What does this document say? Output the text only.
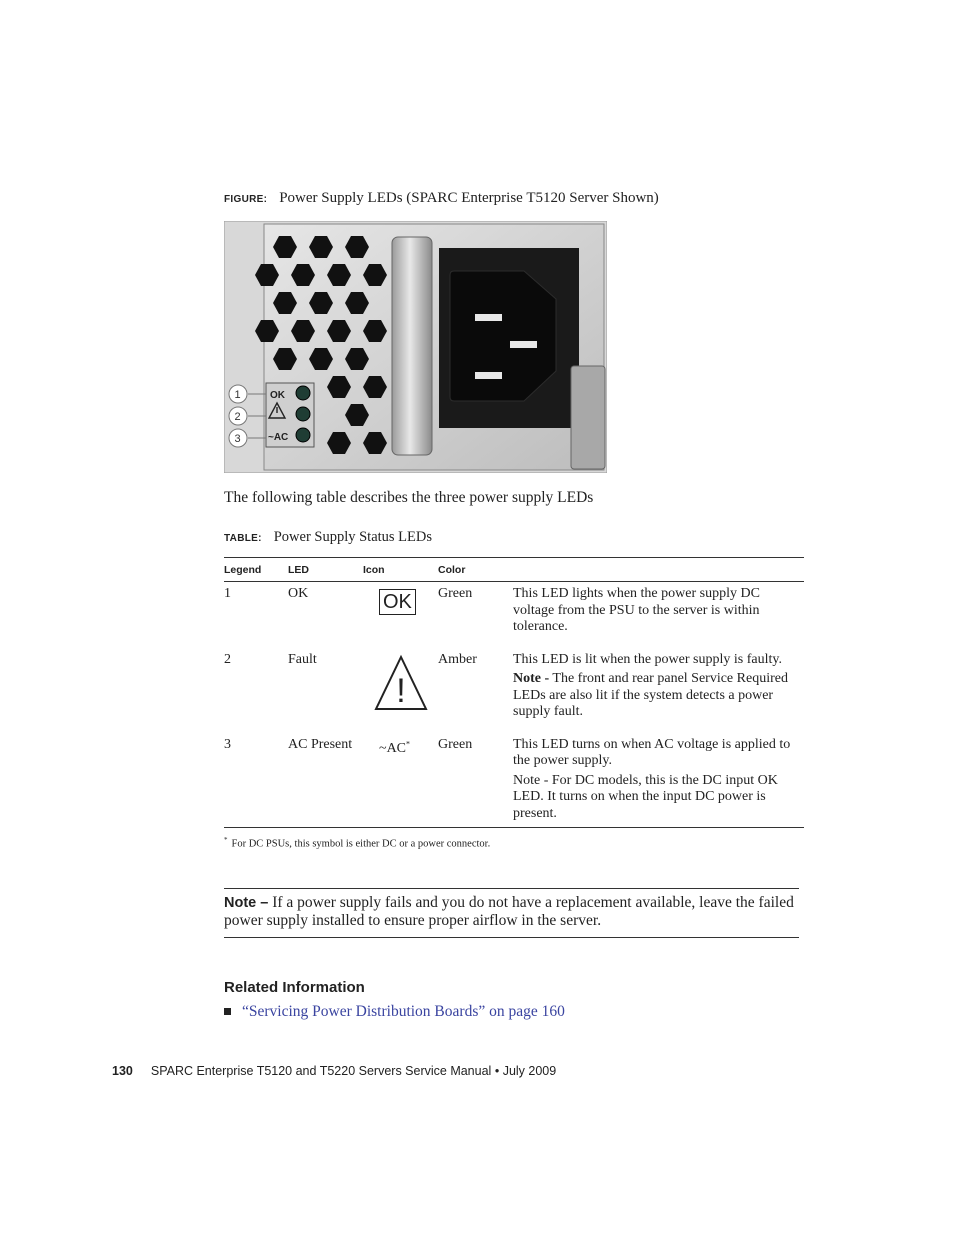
FIGURE: Power Supply LEDs (SPARC Enterprise T5120 Server Shown)
OK
~AC
1
2
3
The following table describes the three power supply LEDs
TABLE: Power Supply Status LEDs
Legend	LED	Icon	Color	
1	OK	OK	Green	This LED lights when the power supply DC voltage from the PSU to the server is within tolerance.

2	Fault	!	Amber	This LED is lit when the power supply is faulty.

Note - The front and rear panel Service Required LEDs are also lit if the system detects a power supply fault.

3	AC Present	~AC*	Green	This LED turns on when AC voltage is applied to the power supply.

Note - For DC models, this is the DC input OK LED. It turns on when the input DC power is present.

* For DC PSUs, this symbol is either DC or a power connector.
Note – If a power supply fails and you do not have a replacement available, leave the failed power supply installed to ensure proper airflow in the server.
Related Information
“Servicing Power Distribution Boards” on page 160
130 SPARC Enterprise T5120 and T5220 Servers Service Manual • July 2009
